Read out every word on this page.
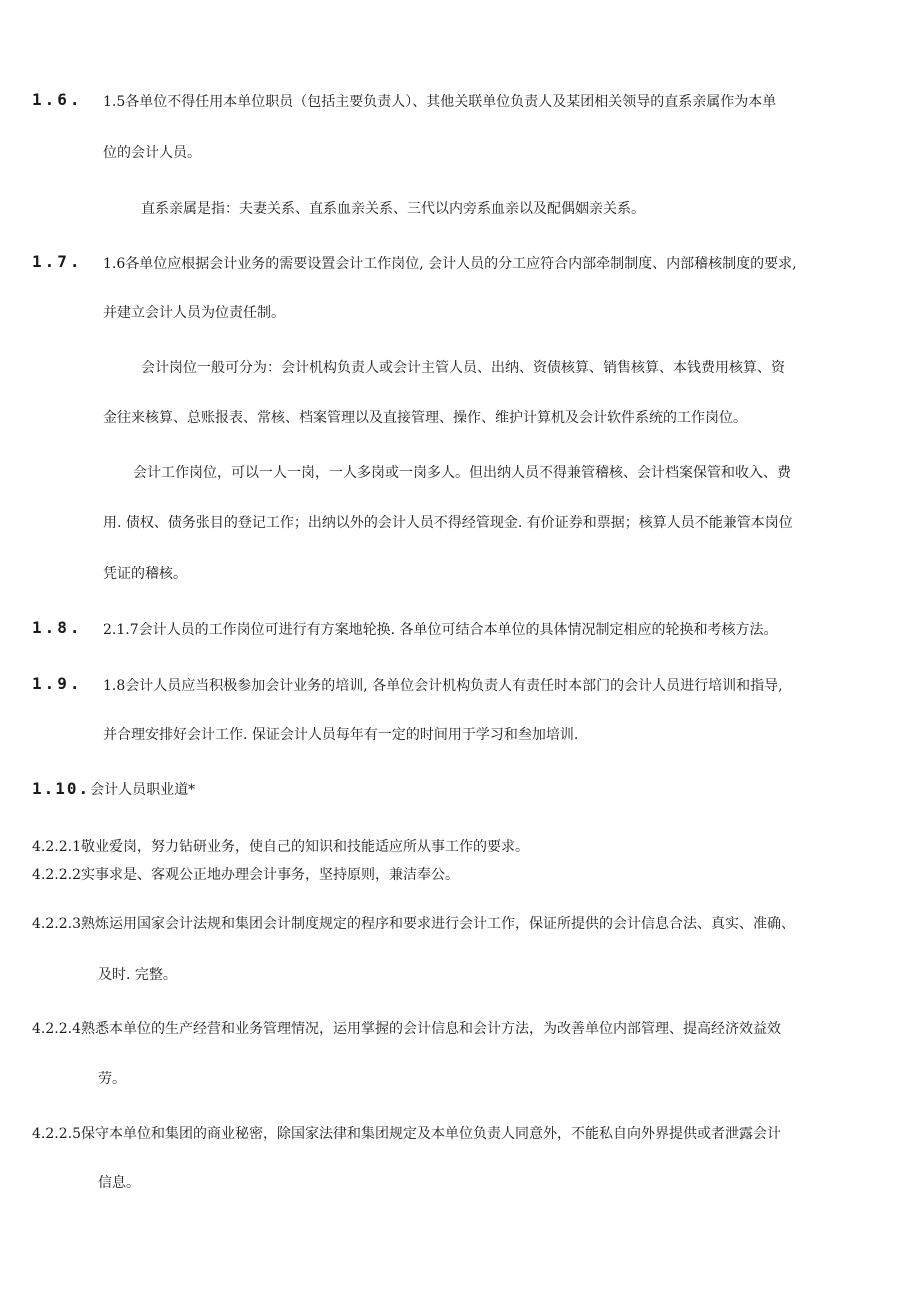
1.6. 1.5各单位不得任用本单位职员（包括主要负责人）、其他关联单位负责人及某团相关领导的直系亲属作为本单
位的会计人员。
直系亲属是指：夫妻关系、直系血亲关系、三代以内旁系血亲以及配偶姻亲关系。
1.7. 1.6各单位应根据会计业务的需要设置会计工作岗位, 会计人员的分工应符合内部牵制制度、内部稽核制度的要求,
并建立会计人员为位责任制。
会计岗位一般可分为：会计机构负责人或会计主管人员、出纳、资债核算、销售核算、本钱费用核算、资
金往来核算、总账报表、常核、档案管理以及直接管理、操作、维护计算机及会计软件系统的工作岗位。
会计工作岗位，可以一人一岗，一人多岗或一岗多人。但出纳人员不得兼管稽核、会计档案保管和收入、费
用. 债权、债务张目的登记工作；出纳以外的会计人员不得经管现金. 有价证券和票据；核算人员不能兼管本岗位
凭证的稽核。
1.8. 2.1.7会计人员的工作岗位可进行有方案地轮换. 各单位可结合本单位的具体情况制定相应的轮换和考核方法。
1.9. 1.8会计人员应当积极参加会计业务的培训, 各单位会计机构负责人有责任时本部门的会计人员进行培训和指导,
并合理安排好会计工作. 保证会计人员每年有一定的时间用于学习和叁加培训.
1.10.会计人员职业道*
4.2.2.1敬业爱岗，努力钻研业务，使自己的知识和技能适应所从事工作的要求。
4.2.2.2实事求是、客观公正地办理会计事务，坚持原则，兼洁奉公。
4.2.2.3熟炼运用国家会计法规和集团会计制度规定的程序和要求进行会计工作，保证所提供的会计信息合法、真实、准确、
及时. 完整。
4.2.2.4熟悉本单位的生产经营和业务管理情况，运用掌握的会计信息和会计方法，为改善单位内部管理、提高经济效益效
劳。
4.2.2.5保守本单位和集团的商业秘密，除国家法律和集团规定及本单位负责人同意外，不能私自向外界提供或者泄露会计
信息。
